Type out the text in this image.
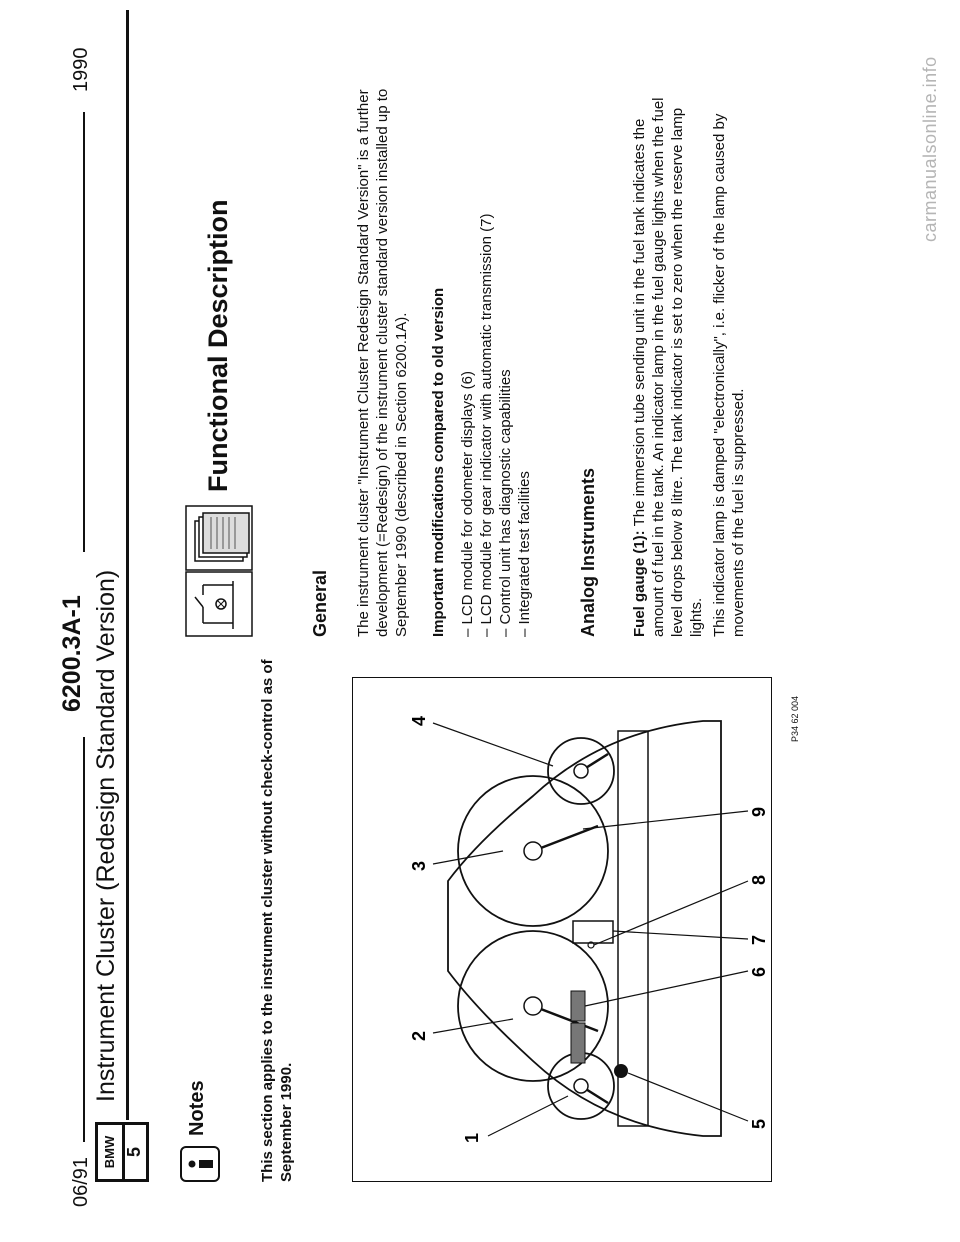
06/91
6200.3A-1
1990
BMW 5
Instrument Cluster (Redesign Standard Version)
Notes	This section applies to the instrument cluster without check-control as of September 1990.
Functional Description
General The instrument cluster "Instrument Cluster Redesign Standard Version" is a further development (=Redesign) of the instrument cluster standard version installed up to September 1990 (described in Section 6200.1A). Important modifications compared to old version – LCD module for odometer displays (6) – LCD module for gear indicator with automatic transmission (7) – Control unit has diagnostic capabilities – Integrated test facilities	Analog Instruments Fuel gauge (1): The immersion tube sending unit in the fuel tank indicates the amount of fuel in the tank. An indicator lamp in the fuel gauge lights when the fuel level drops below 8 litre. The tank indicator is set to zero when the reserve lamp lights. This indicator lamp is damped "electronically", i.e. flicker of the lamp caused by movements of the fuel is suppressed.
1
2
3
4
5
6
7
8
9
P34 62 004
carmanualsonline.info
